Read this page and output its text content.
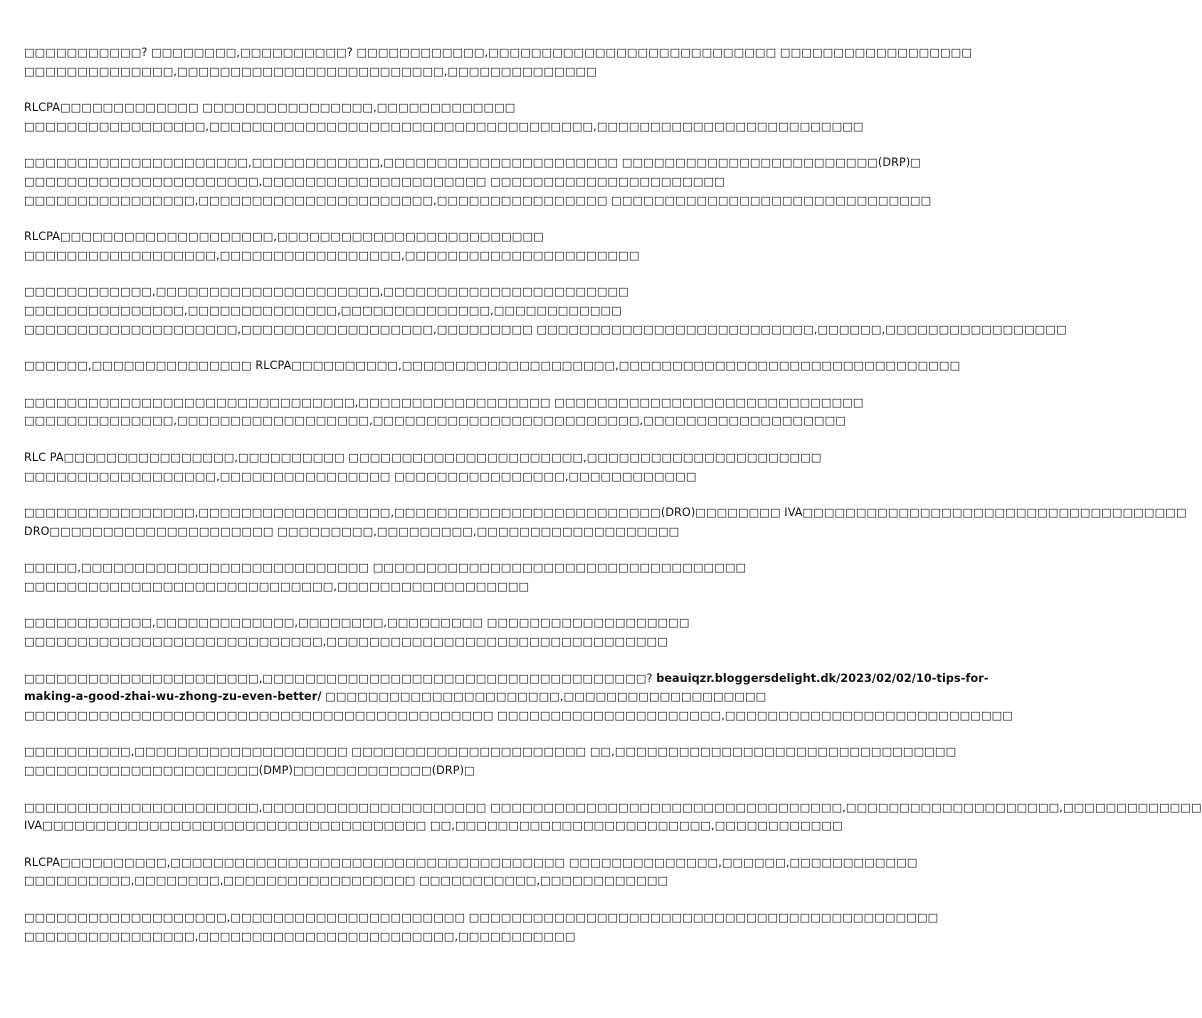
□□□□□□□□□□□? □□□□□□□□,□□□□□□□□□□? □□□□□□□□□□□□,□□□□□□□□□□□□□□□□□□□□□□□□□□□ □□□□□□□□□□□□□□□□□□
□□□□□□□□□□□□□□,□□□□□□□□□□□□□□□□□□□□□□□□□,□□□□□□□□□□□□□□
RLCPA□□□□□□□□□□□□□ □□□□□□□□□□□□□□□□,□□□□□□□□□□□□□
□□□□□□□□□□□□□□□□□,□□□□□□□□□□□□□□□□□□□□□□□□□□□□□□□□□□□□,□□□□□□□□□□□□□□□□□□□□□□□□□
□□□□□□□□□□□□□□□□□□□□□,□□□□□□□□□□□□,□□□□□□□□□□□□□□□□□□□□□□ □□□□□□□□□□□□□□□□□□□□□□□□(DRP)□
□□□□□□□□□□□□□□□□□□□□□□,□□□□□□□□□□□□□□□□□□□□□ □□□□□□□□□□□□□□□□□□□□□□
□□□□□□□□□□□□□□□□,□□□□□□□□□□□□□□□□□□□□□□,□□□□□□□□□□□□□□□□ □□□□□□□□□□□□□□□□□□□□□□□□□□□□□□
RLCPA□□□□□□□□□□□□□□□□□□□□,□□□□□□□□□□□□□□□□□□□□□□□□□
□□□□□□□□□□□□□□□□□□,□□□□□□□□□□□□□□□□□,□□□□□□□□□□□□□□□□□□□□□□
□□□□□□□□□□□□,□□□□□□□□□□□□□□□□□□□□□,□□□□□□□□□□□□□□□□□□□□□□□
□□□□□□□□□□□□□□□,□□□□□□□□□□□□□□,□□□□□□□□□□□□□□,□□□□□□□□□□□□
□□□□□□□□□□□□□□□□□□□□,□□□□□□□□□□□□□□□□□□,□□□□□□□□□ □□□□□□□□□□□□□□□□□□□□□□□□□□,□□□□□□,□□□□□□□□□□□□□□□□□
□□□□□□,□□□□□□□□□□□□□□□ RLCPA□□□□□□□□□□,□□□□□□□□□□□□□□□□□□□□,□□□□□□□□□□□□□□□□□□□□□□□□□□□□□□□□
□□□□□□□□□□□□□□□□□□□□□□□□□□□□□□□,□□□□□□□□□□□□□□□□□□ □□□□□□□□□□□□□□□□□□□□□□□□□□□□□
□□□□□□□□□□□□□□,□□□□□□□□□□□□□□□□□□,□□□□□□□□□□□□□□□□□□□□□□□□□,□□□□□□□□□□□□□□□□□□□
RLC PA□□□□□□□□□□□□□□□□,□□□□□□□□□□ □□□□□□□□□□□□□□□□□□□□□□,□□□□□□□□□□□□□□□□□□□□□□
□□□□□□□□□□□□□□□□□□,□□□□□□□□□□□□□□□□ □□□□□□□□□□□□□□□□,□□□□□□□□□□□□
□□□□□□□□□□□□□□□□,□□□□□□□□□□□□□□□□□□,□□□□□□□□□□□□□□□□□□□□□□□□□(DRO)□□□□□□□□ IVA□□□□□□□□□□□□□□□□□□□□□□□□□□□□□□□□□□□□
DRO□□□□□□□□□□□□□□□□□□□□□ □□□□□□□□□,□□□□□□□□□,□□□□□□□□□□□□□□□□□□□
□□□□□,□□□□□□□□□□□□□□□□□□□□□□□□□□□ □□□□□□□□□□□□□□□□□□□□□□□□□□□□□□□□□□□
□□□□□□□□□□□□□□□□□□□□□□□□□□□□□,□□□□□□□□□□□□□□□□□□
□□□□□□□□□□□□,□□□□□□□□□□□□□,□□□□□□□□,□□□□□□□□□ □□□□□□□□□□□□□□□□□□□
□□□□□□□□□□□□□□□□□□□□□□□□□□□□,□□□□□□□□□□□□□□□□□□□□□□□□□□□□□□□□
□□□□□□□□□□□□□□□□□□□□□□,□□□□□□□□□□□□□□□□□□□□□□□□□□□□□□□□□□□□? beauiqzr.bloggersdelight.dk/2023/02/02/10-tips-for-
making-a-good-zhai-wu-zhong-zu-even-better/ □□□□□□□□□□□□□□□□□□□□□□,□□□□□□□□□□□□□□□□□□□
□□□□□□□□□□□□□□□□□□□□□□□□□□□□□□□□□□□□□□□□□□□□ □□□□□□□□□□□□□□□□□□□□□,□□□□□□□□□□□□□□□□□□□□□□□□□□□
□□□□□□□□□□,□□□□□□□□□□□□□□□□□□□□ □□□□□□□□□□□□□□□□□□□□□□ □□,□□□□□□□□□□□□□□□□□□□□□□□□□□□□□□□□
□□□□□□□□□□□□□□□□□□□□□□(DMP)□□□□□□□□□□□□□(DRP)□
□□□□□□□□□□□□□□□□□□□□□□,□□□□□□□□□□□□□□□□□□□□□ □□□□□□□□□□□□□□□□□□□□□□□□□□□□□□□□□,□□□□□□□□□□□□□□□□□□□□,□□□□□□□□□□□□□
IVA□□□□□□□□□□□□□□□□□□□□□□□□□□□□□□□□□□□□ □□,□□□□□□□□□□□□□□□□□□□□□□□□,□□□□□□□□□□□□
RLCPA□□□□□□□□□□,□□□□□□□□□□□□□□□□□□□□□□□□□□□□□□□□□□□□□ □□□□□□□□□□□□□□,□□□□□□,□□□□□□□□□□□□
□□□□□□□□□□,□□□□□□□□,□□□□□□□□□□□□□□□□□□ □□□□□□□□□□□,□□□□□□□□□□□□
□□□□□□□□□□□□□□□□□□□,□□□□□□□□□□□□□□□□□□□□□□ □□□□□□□□□□□□□□□□□□□□□□□□□□□□□□□□□□□□□□□□□□□□
□□□□□□□□□□□□□□□□,□□□□□□□□□□□□□□□□□□□□□□□□,□□□□□□□□□□□
